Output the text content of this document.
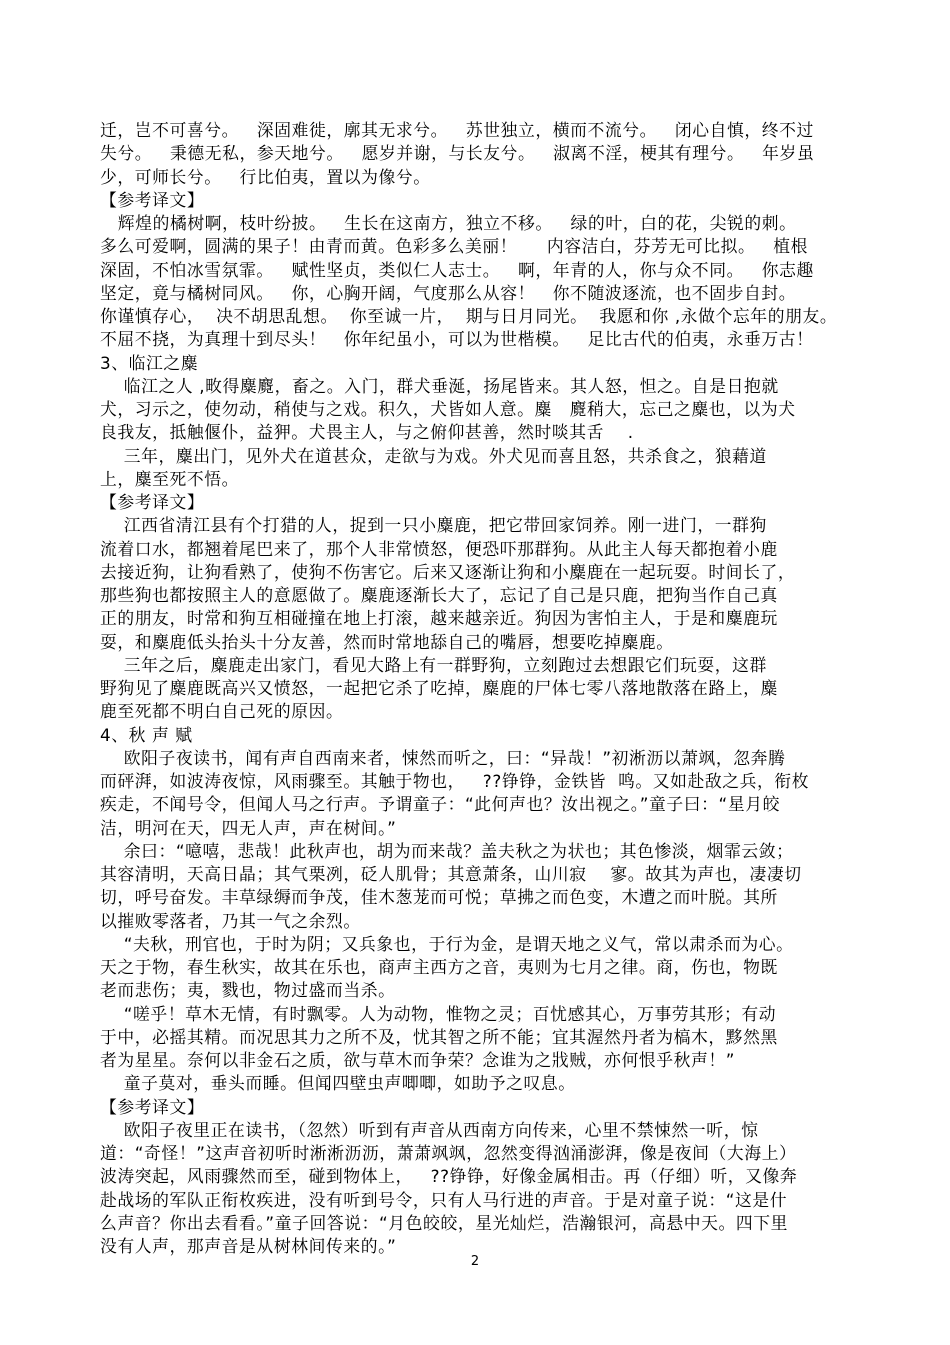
迁，岂不可喜兮。   深固难徙，廓其无求兮。   苏世独立，横而不流兮。   闭心自慎，终不过
失兮。   秉德无私，参天地兮。   愿岁并谢，与长友兮。   淑离不淫，梗其有理兮。   年岁虽
少，可师长兮。   行比伯夷，置以为像兮。
【参考译文】
辉煌的橘树啊，枝叶纷披。   生长在这南方，独立不移。   绿的叶，白的花，尖锐的刺。
多么可爱啊，圆满的果子！由青而黄。色彩多么美丽！     内容洁白，芬芳无可比拟。   植根
深固，不怕冰雪氛霏。   赋性坚贞，类似仁人志士。   啊，年青的人，你与众不同。   你志趣
坚定，竟与橘树同风。   你，心胸开阔，气度那么从容！   你不随波逐流，也不固步自封。
你谨慎存心，  决不胡思乱想。  你至诚一片，  期与日月同光。  我愿和你 ,永做个忘年的朋友。
不屈不挠，为真理十到尽头！   你年纪虽小，可以为世楷模。   足比古代的伯夷，永垂万古！
3、临江之麋
临江之人 ,畋得麋麑，畜之。入门，群犬垂涎，扬尾皆来。其人怒，怛之。自是日抱就
犬，习示之，使勿动，稍使与之戏。积久，犬皆如人意。麋   麑稍大，忘己之麋也，以为犬
良我友，抵触偃仆，益狎。犬畏主人，与之俯仰甚善，然时啖其舌    .
三年，麋出门，见外犬在道甚众，走欲与为戏。外犬见而喜且怒，共杀食之，狼藉道
上，麋至死不悟。
【参考译文】
江西省清江县有个打猎的人，捉到一只小麋鹿，把它带回家饲养。刚一进门，一群狗
流着口水，都翘着尾巴来了，那个人非常愤怒，便恐吓那群狗。从此主人每天都抱着小鹿
去接近狗，让狗看熟了，使狗不伤害它。后来又逐渐让狗和小麋鹿在一起玩耍。时间长了，
那些狗也都按照主人的意愿做了。麋鹿逐渐长大了，忘记了自己是只鹿，把狗当作自己真
正的朋友，时常和狗互相碰撞在地上打滚，越来越亲近。狗因为害怕主人，于是和麋鹿玩
耍，和麋鹿低头抬头十分友善，然而时常地舔自己的嘴唇，想要吃掉麋鹿。
三年之后，麋鹿走出家门，看见大路上有一群野狗，立刻跑过去想跟它们玩耍，这群
野狗见了麋鹿既高兴又愤怒，一起把它杀了吃掉，麋鹿的尸体七零八落地散落在路上，麋
鹿至死都不明白自己死的原因。
4、秋 声 赋
欧阳子夜读书，闻有声自西南来者，悚然而听之，曰：“异哉！”初淅沥以萧飒，忽奔腾
而砰湃，如波涛夜惊，风雨骤至。其触于物也，   ??铮铮，金铁皆  鸣。又如赴敌之兵，衔枚
疾走，不闻号令，但闻人马之行声。予谓童子：“此何声也？汝出视之。”童子曰：“星月皎
洁，明河在天，四无人声，声在树间。”
余曰：“噫嘻，悲哉！此秋声也，胡为而来哉？盖夫秋之为状也；其色惨淡，烟霏云敛；
其容清明，天高日晶；其气栗冽，砭人肌骨；其意萧条，山川寂    寥。故其为声也，凄凄切
切，呼号奋发。丰草绿缛而争茂，佳木葱茏而可悦；草拂之而色变，木遭之而叶脱。其所
以摧败零落者，乃其一气之余烈。
“夫秋，刑官也，于时为阴；又兵象也，于行为金，是谓天地之义气，常以肃杀而为心。
天之于物，春生秋实，故其在乐也，商声主西方之音，夷则为七月之律。商，伤也，物既
老而悲伤；夷，戮也，物过盛而当杀。
“嗟乎！草木无情，有时飘零。人为动物，惟物之灵；百忧感其心，万事劳其形；有动
于中，必摇其精。而况思其力之所不及，忧其智之所不能；宜其渥然丹者为槁木，黟然黑
者为星星。奈何以非金石之质，欲与草木而争荣？念谁为之戕贼，亦何恨乎秋声！”
童子莫对，垂头而睡。但闻四壁虫声唧唧，如助予之叹息。
【参考译文】
欧阳子夜里正在读书，（忽然）听到有声音从西南方向传来，心里不禁悚然一听，惊
道：“奇怪！”这声音初听时淅淅沥沥，萧萧飒飒，忽然变得汹涌澎湃，像是夜间（大海上）
波涛突起，风雨骤然而至，碰到物体上，   ??铮铮，好像金属相击。再（仔细）听，又像奔
赴战场的军队正衔枚疾进，没有听到号令，只有人马行进的声音。于是对童子说：“这是什
么声音？你出去看看。”童子回答说：“月色皎皎，星光灿烂，浩瀚银河，高悬中天。四下里
没有人声，那声音是从树林间传来的。”
2
